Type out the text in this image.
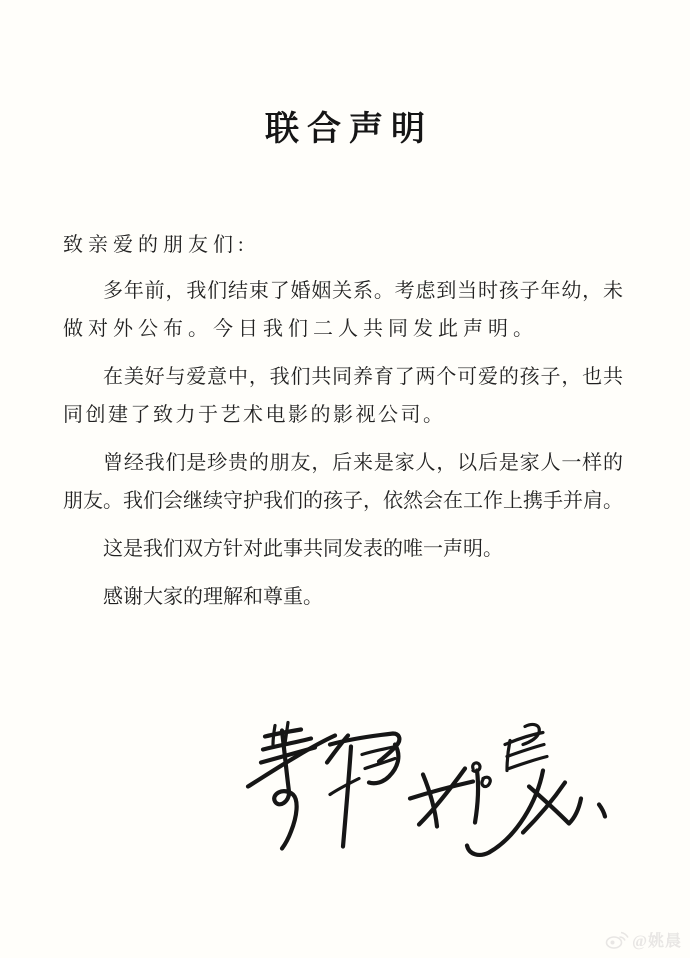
联合声明
致亲爱的朋友们:
多年前，我们结束了婚姻关系。考虑到当时孩子年幼，未
做对外公布。今日我们二人共同发此声明。
在美好与爱意中，我们共同养育了两个可爱的孩子，也共
同创建了致力于艺术电影的影视公司。
曾经我们是珍贵的朋友，后来是家人，以后是家人一样的
朋友。我们会继续守护我们的孩子，依然会在工作上携手并肩。
这是我们双方针对此事共同发表的唯一声明。
感谢大家的理解和尊重。
@姚晨
